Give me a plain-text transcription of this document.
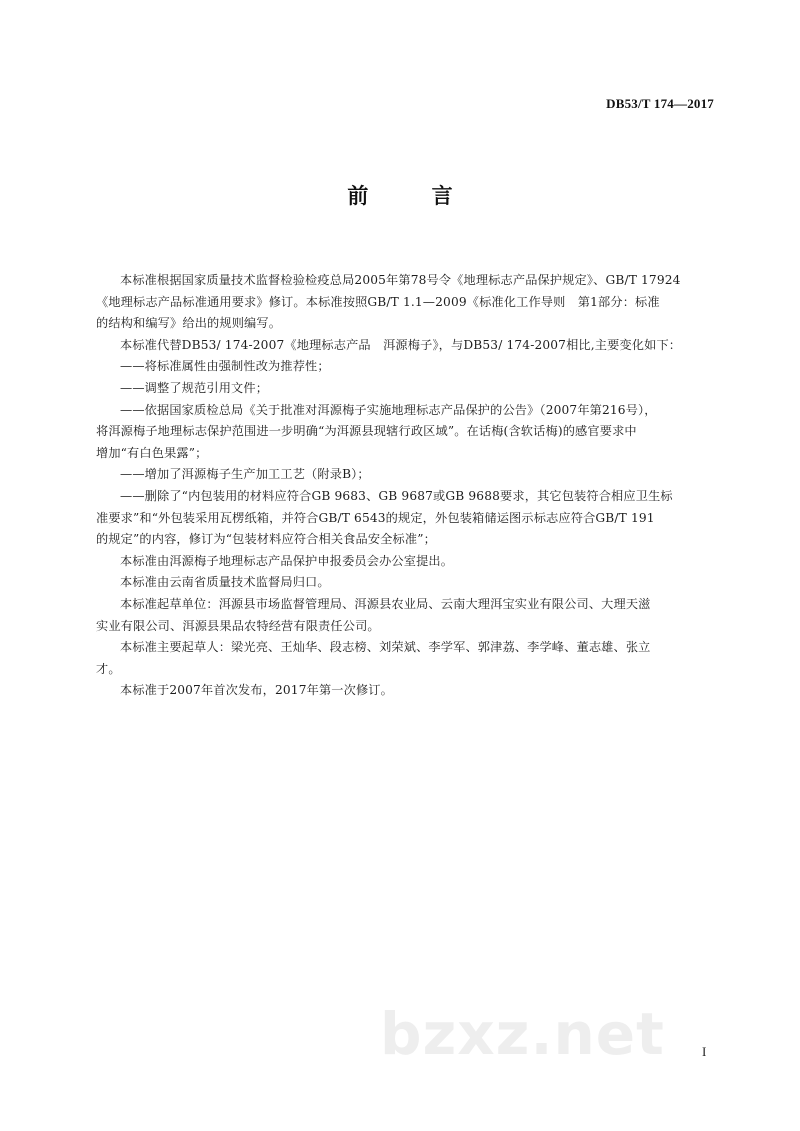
DB53/T 174—2017
前 言

本标准根据国家质量技术监督检验检疫总局2005年第78号令《地理标志产品保护规定》、GB/T 17924

《地理标志产品标准通用要求》修订。本标准按照GB/T 1.1—2009《标准化工作导则　第1部分：标准

的结构和编写》给出的规则编写。

本标准代替DB53/ 174-2007《地理标志产品　洱源梅子》，与DB53/ 174-2007相比,主要变化如下：

——将标准属性由强制性改为推荐性；

——调整了规范引用文件；

——依据国家质检总局《关于批准对洱源梅子实施地理标志产品保护的公告》（2007年第216号），

将洱源梅子地理标志保护范围进一步明确“为洱源县现辖行政区域”。在话梅(含软话梅)的感官要求中

增加“有白色果露”；

——增加了洱源梅子生产加工工艺（附录B）；

——删除了“内包装用的材料应符合GB 9683、GB 9687或GB 9688要求，其它包装符合相应卫生标

准要求”和“外包装采用瓦楞纸箱，并符合GB/T 6543的规定，外包装箱储运图示标志应符合GB/T 191

的规定”的内容，修订为“包装材料应符合相关食品安全标准”；

本标准由洱源梅子地理标志产品保护申报委员会办公室提出。

本标准由云南省质量技术监督局归口。

本标准起草单位：洱源县市场监督管理局、洱源县农业局、云南大理洱宝实业有限公司、大理天滋

实业有限公司、洱源县果品农特经营有限责任公司。

本标准主要起草人：梁光亮、王灿华、段志榜、刘荣斌、李学军、郭津荔、李学峰、董志雄、张立

才。

本标准于2007年首次发布，2017年第一次修订。

bzxz.net	I
